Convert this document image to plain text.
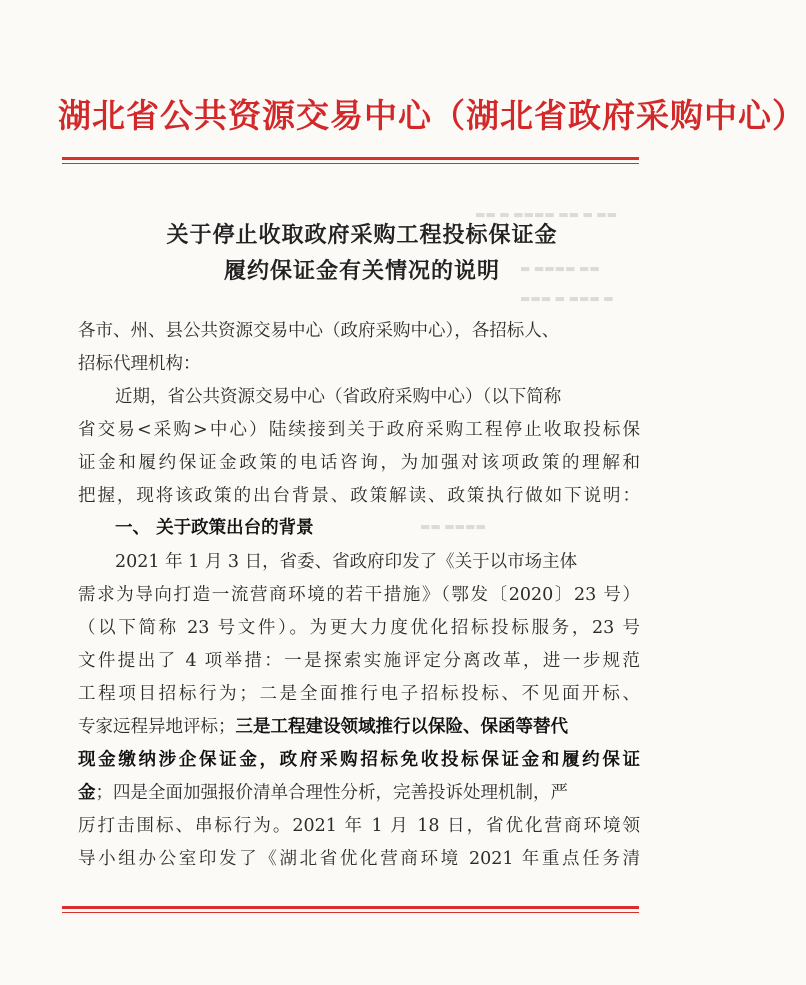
▬▬ ▬ ▬▬▬▬ ▬▬ ▬ ▬▬
▬ ▬▬▬▬ ▬▬
▬▬▬ ▬ ▬▬▬ ▬
▬▬ ▬▬▬▬
湖北省公共资源交易中心（湖北省政府采购中心）
关于停止收取政府采购工程投标保证金
履约保证金有关情况的说明
各市、州、县公共资源交易中心（政府采购中心），各招标人、
招标代理机构：
近期，省公共资源交易中心（省政府采购中心）（以下简称
省交易<采购>中心）陆续接到关于政府采购工程停止收取投标保
证金和履约保证金政策的电话咨询，为加强对该项政策的理解和
把握，现将该政策的出台背景、政策解读、政策执行做如下说明：
一、 关于政策出台的背景
2021 年 1 月 3 日，省委、省政府印发了《关于以市场主体
需求为导向打造一流营商环境的若干措施》（鄂发〔2020〕23 号）
（以下简称 23 号文件）。为更大力度优化招标投标服务，23 号
文件提出了 4 项举措：一是探索实施评定分离改革，进一步规范
工程项目招标行为；二是全面推行电子招标投标、不见面开标、
专家远程异地评标；三是工程建设领域推行以保险、保函等替代
现金缴纳涉企保证金，政府采购招标免收投标保证金和履约保证
金；四是全面加强报价清单合理性分析，完善投诉处理机制，严
厉打击围标、串标行为。2021 年 1 月 18 日，省优化营商环境领
导小组办公室印发了《湖北省优化营商环境 2021 年重点任务清
